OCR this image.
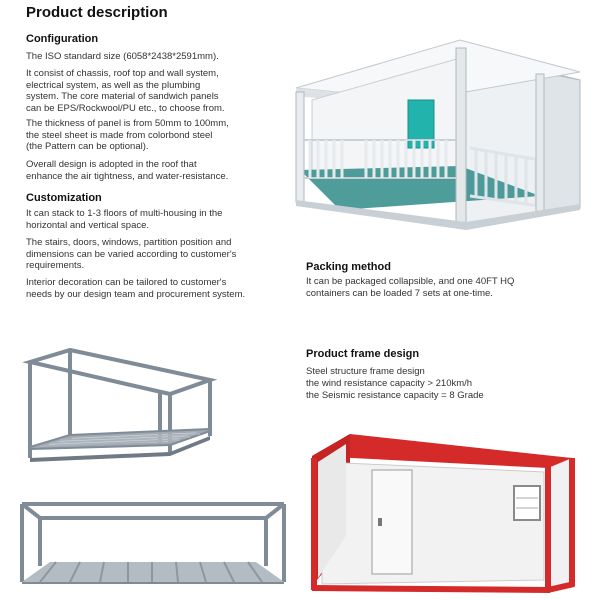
Product description
Configuration
The ISO standard size (6058*2438*2591mm).
It consist of chassis, roof top and wall system,
electrical system, as well as the plumbing
system. The core material of sandwich panels
can be EPS/Rockwool/PU etc., to choose from.
The thickness of panel is from 50mm to 100mm,
the steel sheet is made from colorbond steel
(the Pattern can be optional).
Overall design is adopted in the roof that
enhance the air tightness, and water-resistance.
Customization
It can stack to 1-3 floors of multi-housing in the
horizontal and vertical space.
The stairs, doors, windows, partition position and
dimensions can be varied according to customer's
requirements.
Interior decoration can be tailored to customer's
needs by our design team and procurement system.
Packing method
It can be packaged collapsible, and one 40FT HQ
containers can be loaded 7 sets at one-time.
Product frame design
Steel structure frame design
the wind resistance capacity > 210km/h
the Seismic resistance capacity = 8 Grade
